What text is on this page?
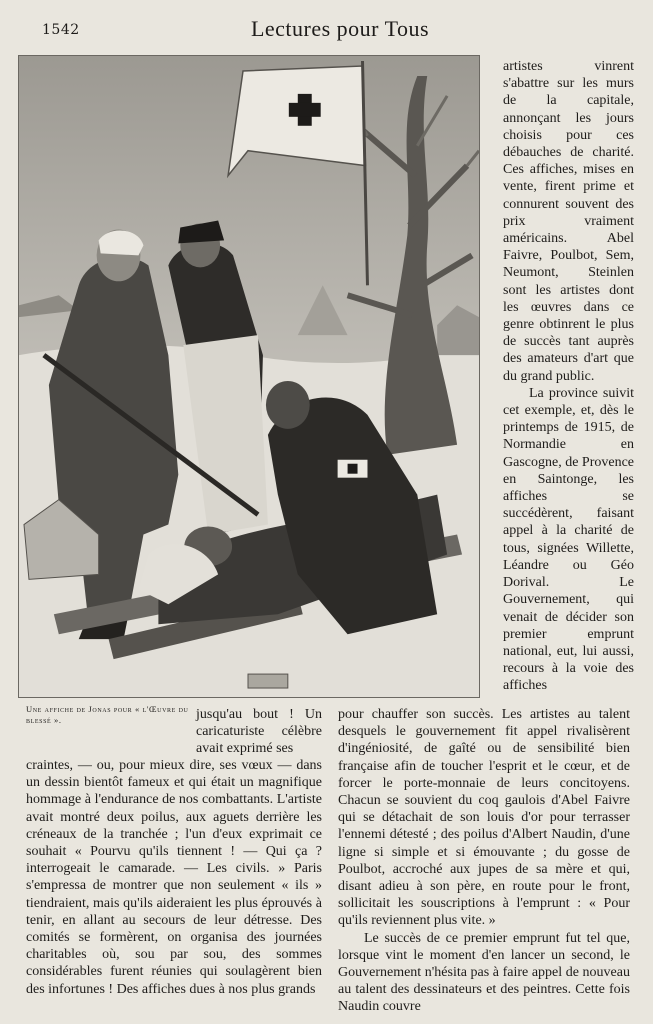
1542	Lectures pour Tous
Une affiche de Jonas pour « l'Œuvre du blessé ».

artistes vinrent s'abattre sur les murs de la capitale, annonçant les jours choisis pour ces débauches de charité. Ces affiches, mises en vente, firent prime et connurent souvent des prix vraiment américains. Abel Faivre, Poulbot, Sem, Neumont, Steinlen sont les artistes dont les œuvres dans ce genre obtinrent le plus de succès tant auprès des amateurs d'art que du grand public.

La province suivit cet exemple, et, dès le printemps de 1915, de Normandie en Gascogne, de Provence en Saintonge, les affiches se succédèrent, faisant appel à la charité de tous, signées Willette, Léandre ou Géo Dorival. Le Gouvernement, qui venait de décider son premier emprunt national, eut, lui aussi, recours à la voie des affiches

jusqu'au bout ! Un caricaturiste célèbre avait exprimé ses

craintes, — ou, pour mieux dire, ses vœux — dans un dessin bientôt fameux et qui était un magnifique hommage à l'endurance de nos combattants. L'artiste avait montré deux poilus, aux aguets derrière les créneaux de la tranchée ; l'un d'eux exprimait ce souhait « Pourvu qu'ils tiennent ! — Qui ça ? interrogeait le camarade. — Les civils. » Paris s'empressa de montrer que non seulement « ils » tiendraient, mais qu'ils aideraient les plus éprouvés à tenir, en allant au secours de leur détresse. Des comités se formèrent, on organisa des journées charitables où, sou par sou, des sommes considérables furent réunies qui soulagèrent bien des infortunes ! Des affiches dues à nos plus grands

pour chauffer son succès. Les artistes au talent desquels le gouvernement fit appel rivalisèrent d'ingéniosité, de gaîté ou de sensibilité bien française afin de toucher l'esprit et le cœur, et de forcer le porte-monnaie de leurs concitoyens. Chacun se souvient du coq gaulois d'Abel Faivre qui se détachait de son louis d'or pour terrasser l'ennemi détesté ; des poilus d'Albert Naudin, d'une ligne si simple et si émouvante ; du gosse de Poulbot, accroché aux jupes de sa mère et qui, disant adieu à son père, en route pour le front, sollicitait les souscriptions à l'emprunt : « Pour qu'ils reviennent plus vite. »

Le succès de ce premier emprunt fut tel que, lorsque vint le moment d'en lancer un second, le Gouvernement n'hésita pas à faire appel de nouveau au talent des dessinateurs et des peintres. Cette fois Naudin couvre
